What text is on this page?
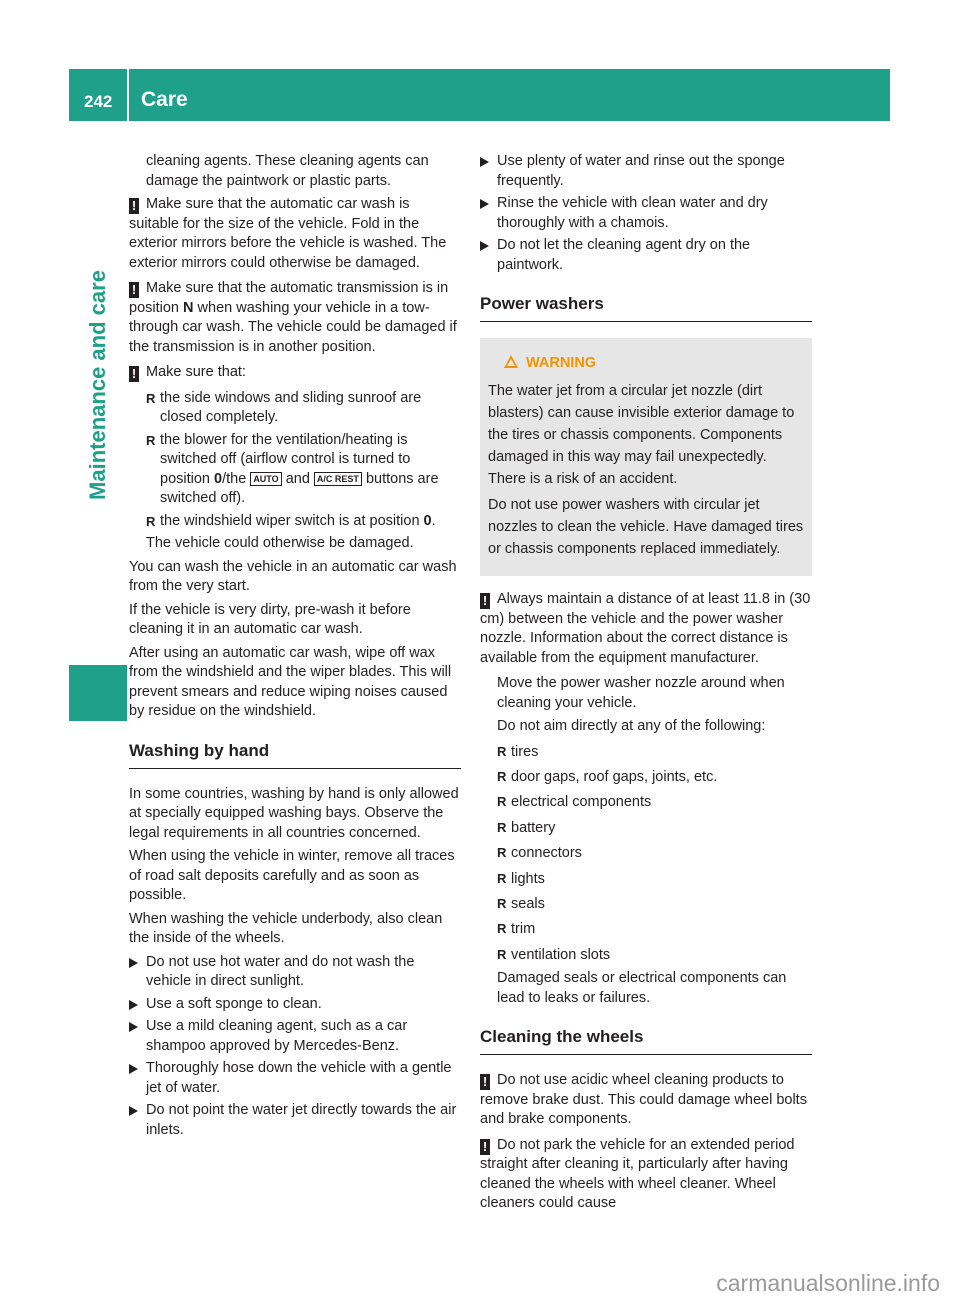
242 Care
Maintenance and care

cleaning agents. These cleaning agents can damage the paintwork or plastic parts.

! Make sure that the automatic car wash is suitable for the size of the vehicle. Fold in the exterior mirrors before the vehicle is washed. The exterior mirrors could otherwise be damaged.
! Make sure that the automatic transmission is in position N when washing your vehicle in a tow-through car wash. The vehicle could be damaged if the transmission is in another position.
! Make sure that:
R the side windows and sliding sunroof are closed completely.
R the blower for the ventilation/heating is switched off (airflow control is turned to position 0/the AUTO and A/C REST buttons are switched off).
R the windshield wiper switch is at position 0.

The vehicle could otherwise be damaged.

You can wash the vehicle in an automatic car wash from the very start.

If the vehicle is very dirty, pre-wash it before cleaning it in an automatic car wash.

After using an automatic car wash, wipe off wax from the windshield and the wiper blades. This will prevent smears and reduce wiping noises caused by residue on the windshield.

Washing by hand

In some countries, washing by hand is only allowed at specially equipped washing bays. Observe the legal requirements in all countries concerned.

When using the vehicle in winter, remove all traces of road salt deposits carefully and as soon as possible.

When washing the vehicle underbody, also clean the inside of the wheels.

Do not use hot water and do not wash the vehicle in direct sunlight.
Use a soft sponge to clean.
Use a mild cleaning agent, such as a car shampoo approved by Mercedes-Benz.
Thoroughly hose down the vehicle with a gentle jet of water.
Do not point the water jet directly towards the air inlets.
Use plenty of water and rinse out the sponge frequently.
Rinse the vehicle with clean water and dry thoroughly with a chamois.
Do not let the cleaning agent dry on the paintwork.
Power washers
WARNING

The water jet from a circular jet nozzle (dirt blasters) can cause invisible exterior damage to the tires or chassis components. Components damaged in this way may fail unexpectedly. There is a risk of an accident.

Do not use power washers with circular jet nozzles to clean the vehicle. Have damaged tires or chassis components replaced immediately.

! Always maintain a distance of at least 11.8 in (30 cm) between the vehicle and the power washer nozzle. Information about the correct distance is available from the equipment manufacturer.

Move the power washer nozzle around when cleaning your vehicle.

Do not aim directly at any of the following:

R tires
R door gaps, roof gaps, joints, etc.
R electrical components
R battery
R connectors
R lights
R seals
R trim
R ventilation slots

Damaged seals or electrical components can lead to leaks or failures.

Cleaning the wheels
! Do not use acidic wheel cleaning products to remove brake dust. This could damage wheel bolts and brake components.
! Do not park the vehicle for an extended period straight after cleaning it, particularly after having cleaned the wheels with wheel cleaner. Wheel cleaners could cause
carmanualsonline.info
